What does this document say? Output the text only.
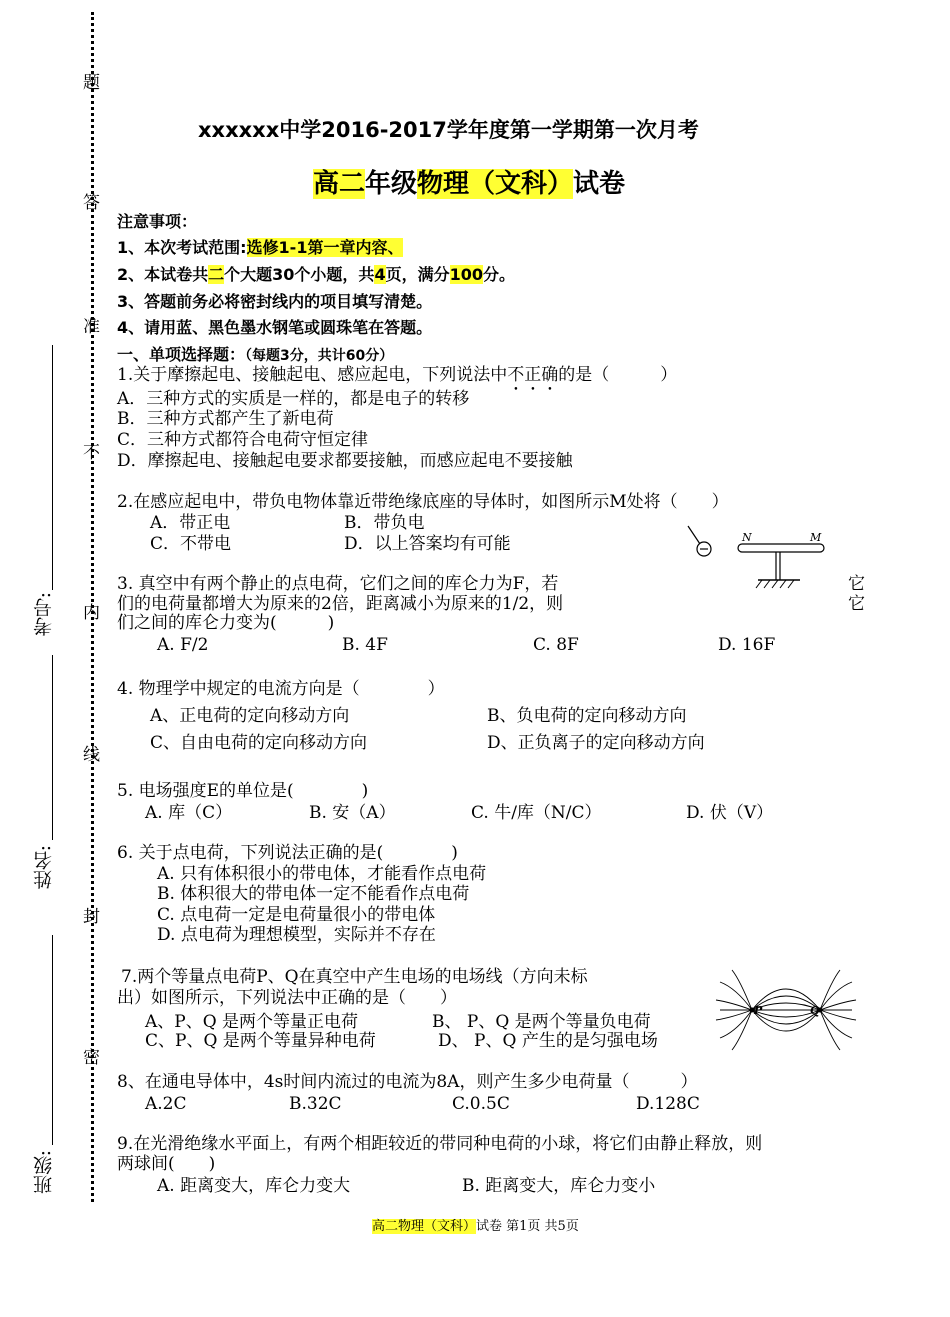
题
答
准
不
内
线
封
密
考号:
姓名:
班级:
xxxxxx中学2016-2017学年度第一学期第一次月考
高二年级物理（文科）试卷
注意事项：
1、本次考试范围:选修1-1第一章内容、
2、本试卷共二个大题30个小题，共4页，满分100分。
3、答题前务必将密封线内的项目填写清楚。
4、请用蓝、黑色墨水钢笔或圆珠笔在答题。
一、单项选择题：（每题3分，共计60分）
1.关于摩擦起电、接触起电、感应起电，下列说法中不正确的是（　　　）
A．三种方式的实质是一样的，都是电子的转移
B．三种方式都产生了新电荷
C．三种方式都符合电荷守恒定律
D．摩擦起电、接触起电要求都要接触，而感应起电不要接触
2.在感应起电中，带负电物体靠近带绝缘底座的导体时，如图所示M处将（　　）
A．带正电	B．带负电
C．不带电	D．以上答案均有可能	N	M
3. 真空中有两个静止的点电荷，它们之间的库仑力为F，若	它
们的电荷量都增大为原来的2倍，距离减小为原来的1/2，则	它
们之间的库仑力变为(　　　)
A. F/2	B. 4F	C. 8F	D. 16F
4. 物理学中规定的电流方向是（　　　　）
A、正电荷的定向移动方向	B、负电荷的定向移动方向
C、自由电荷的定向移动方向	D、正负离子的定向移动方向
5. 电场强度E的单位是(　　　　)
A. 库（C）	B. 安（A）	C. 牛/库（N/C）	D. 伏（V）
6. 关于点电荷，下列说法正确的是(　　　　)
A. 只有体积很小的带电体，才能看作点电荷
B. 体积很大的带电体一定不能看作点电荷
C. 点电荷一定是电荷量很小的带电体
D. 点电荷为理想模型，实际并不存在
7.两个等量点电荷P、Q在真空中产生电场的电场线（方向未标
出）如图所示，下列说法中正确的是（　　）
A、P、Q 是两个等量正电荷	B、 P、Q 是两个等量负电荷
C、P、Q 是两个等量异种电荷	D、 P、Q 产生的是匀强电场
P	Q
8、在通电导体中，4s时间内流过的电流为8A，则产生多少电荷量（　　　）
A.2C	B.32C	C.0.5C	D.128C
9.在光滑绝缘水平面上，有两个相距较近的带同种电荷的小球，将它们由静止释放，则
两球间(　　)
A. 距离变大，库仑力变大	B. 距离变大，库仑力变小
高二物理（文科）试卷 第1页 共5页
